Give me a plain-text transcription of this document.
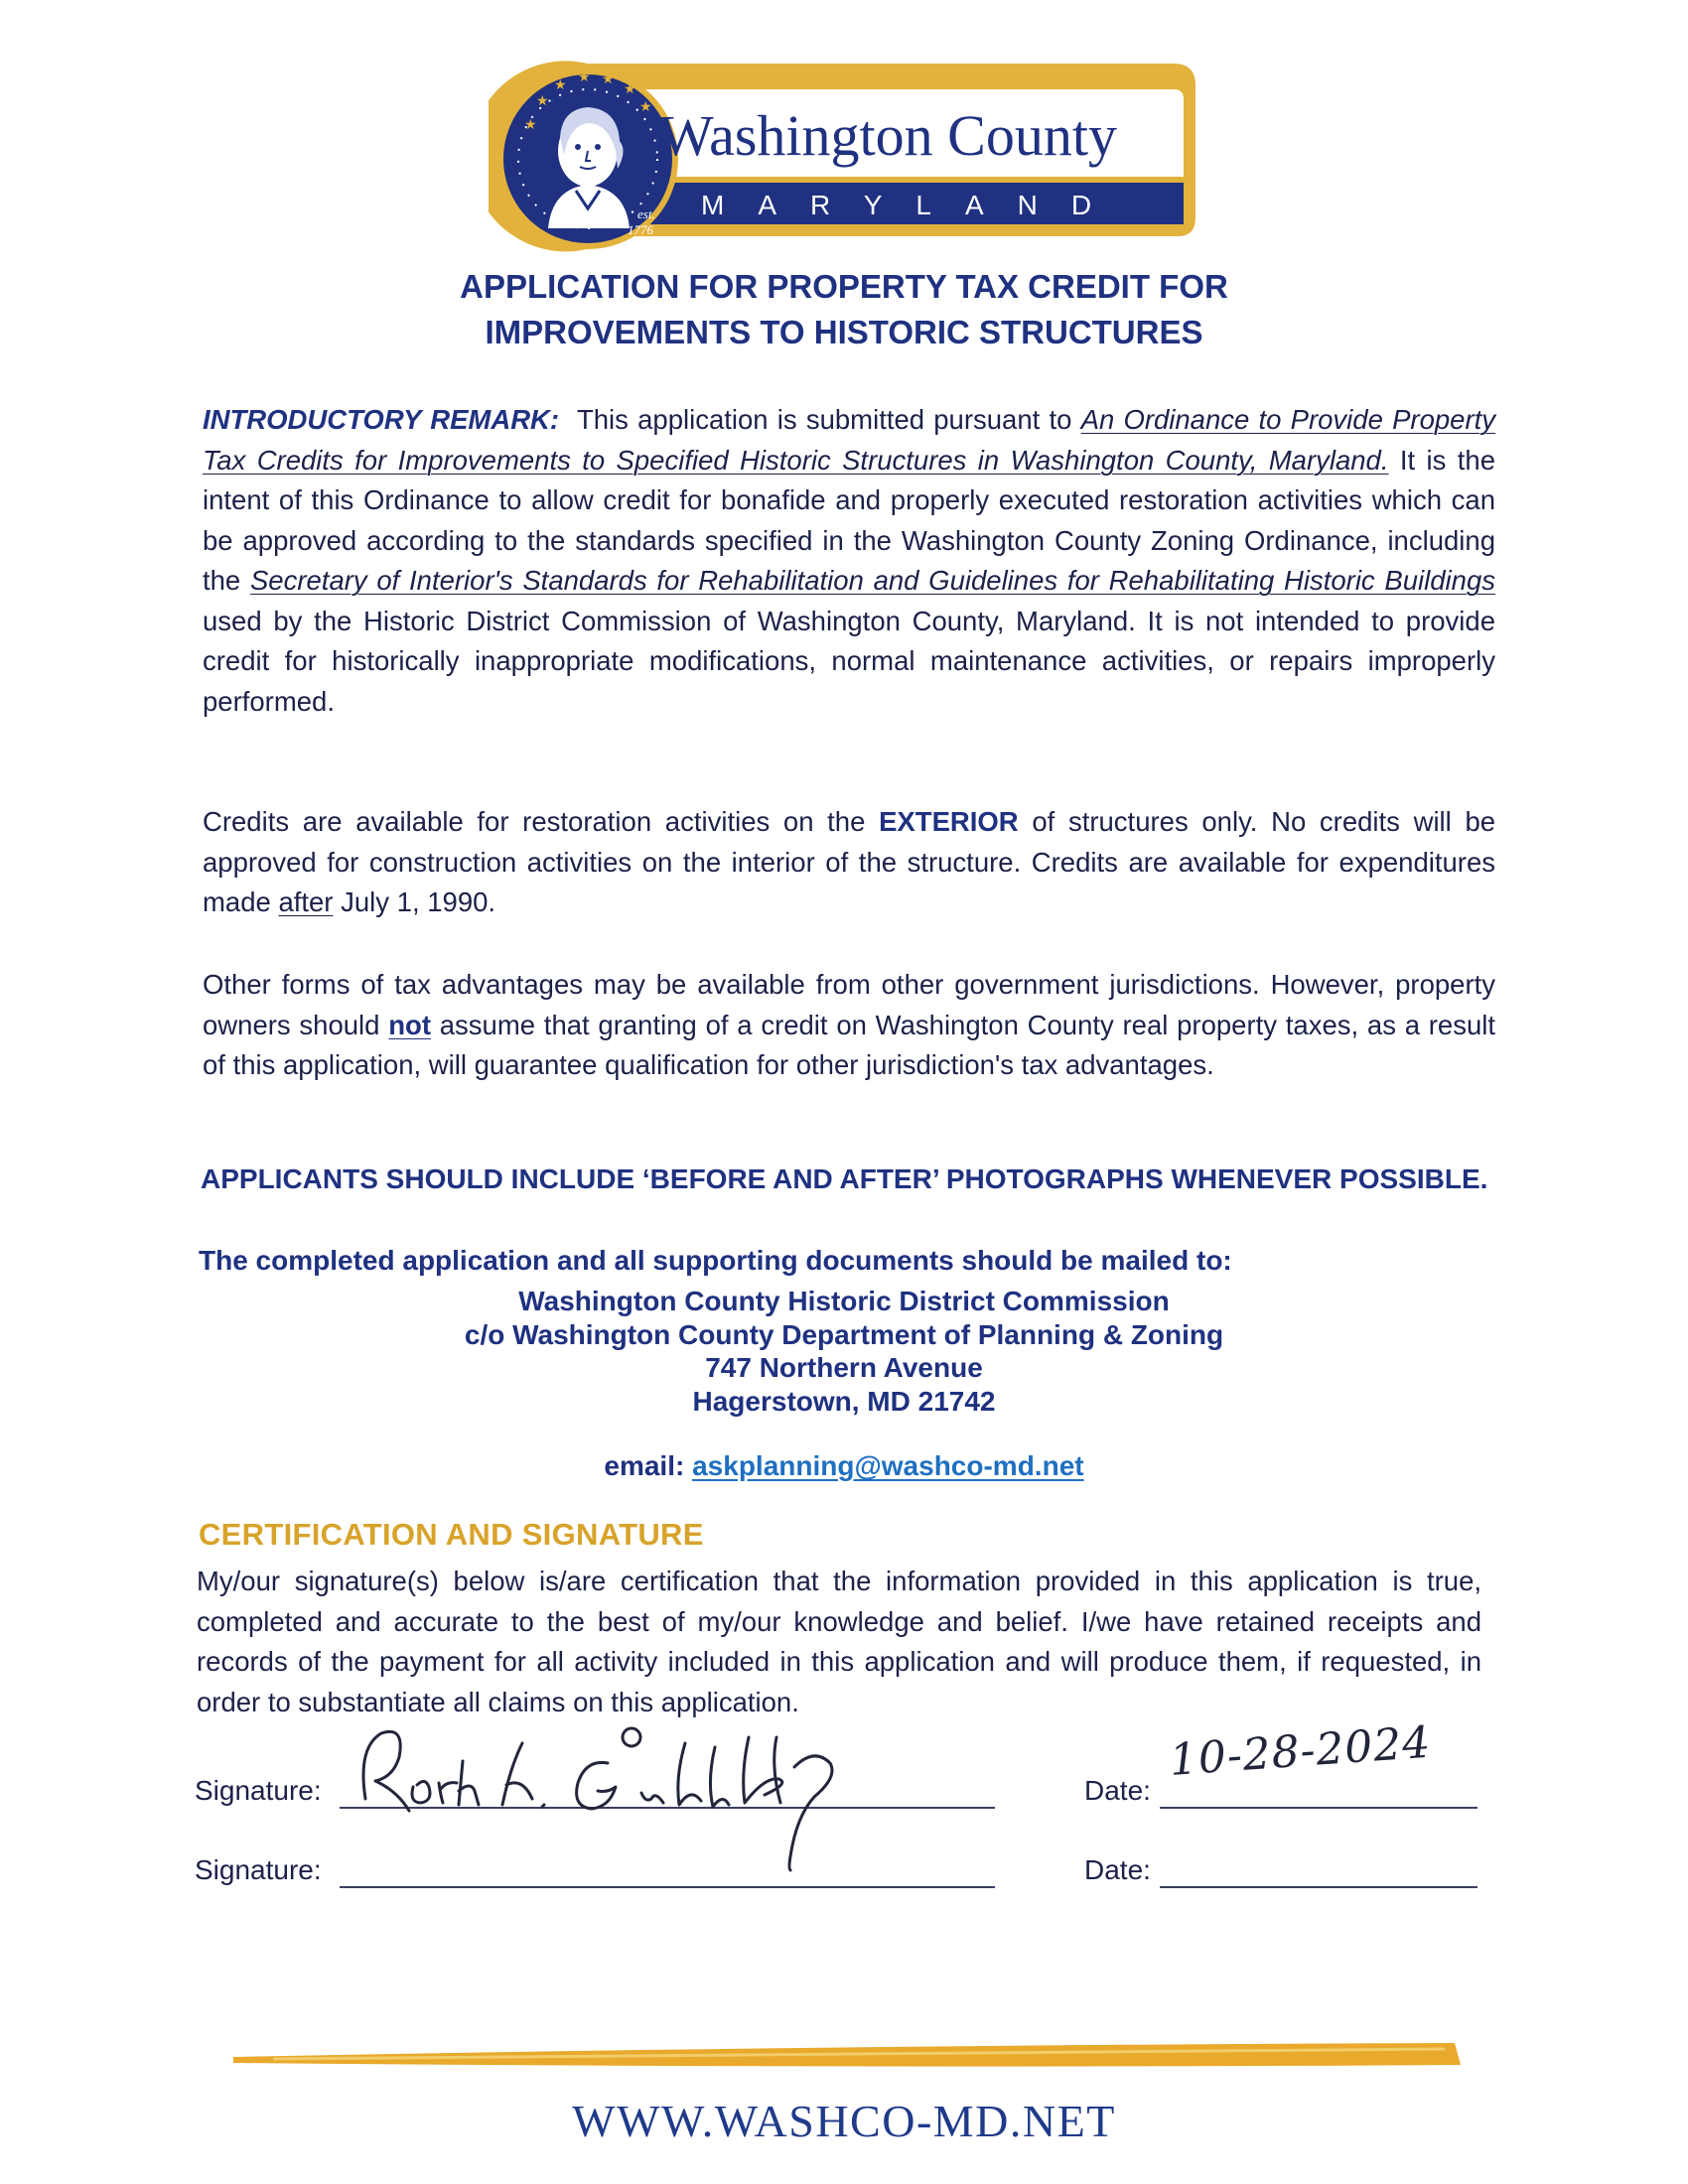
★
★
★ ★ ★
★
★
est.
1776
Washington County
MARYLAND
APPLICATION FOR PROPERTY TAX CREDIT FOR
IMPROVEMENTS TO HISTORIC STRUCTURES
INTRODUCTORY REMARK: This application is submitted pursuant to An Ordinance to Provide Property Tax Credits for Improvements to Specified Historic Structures in Washington County, Maryland. It is the intent of this Ordinance to allow credit for bonafide and properly executed restoration activities which can be approved according to the standards specified in the Washington County Zoning Ordinance, including the Secretary of Interior's Standards for Rehabilitation and Guidelines for Rehabilitating Historic Buildings used by the Historic District Commission of Washington County, Maryland. It is not intended to provide credit for historically inappropriate modifications, normal maintenance activities, or repairs improperly performed.
Credits are available for restoration activities on the EXTERIOR of structures only. No credits will be approved for construction activities on the interior of the structure. Credits are available for expenditures made after July 1, 1990.
Other forms of tax advantages may be available from other government jurisdictions. However, property owners should not assume that granting of a credit on Washington County real property taxes, as a result of this application, will guarantee qualification for other jurisdiction's tax advantages.
APPLICANTS SHOULD INCLUDE ‘BEFORE AND AFTER’ PHOTOGRAPHS WHENEVER POSSIBLE.
The completed application and all supporting documents should be mailed to:
Washington County Historic District Commission
c/o Washington County Department of Planning & Zoning
747 Northern Avenue
Hagerstown, MD 21742
email: askplanning@washco-md.net
CERTIFICATION AND SIGNATURE
My/our signature(s) below is/are certification that the information provided in this application is true, completed and accurate to the best of my/our knowledge and belief. I/we have retained receipts and records of the payment for all activity included in this application and will produce them, if requested, in order to substantiate all claims on this application.
Signature:	Date:
Signature:	Date:
10-28-2024
WWW.WASHCO-MD.NET
